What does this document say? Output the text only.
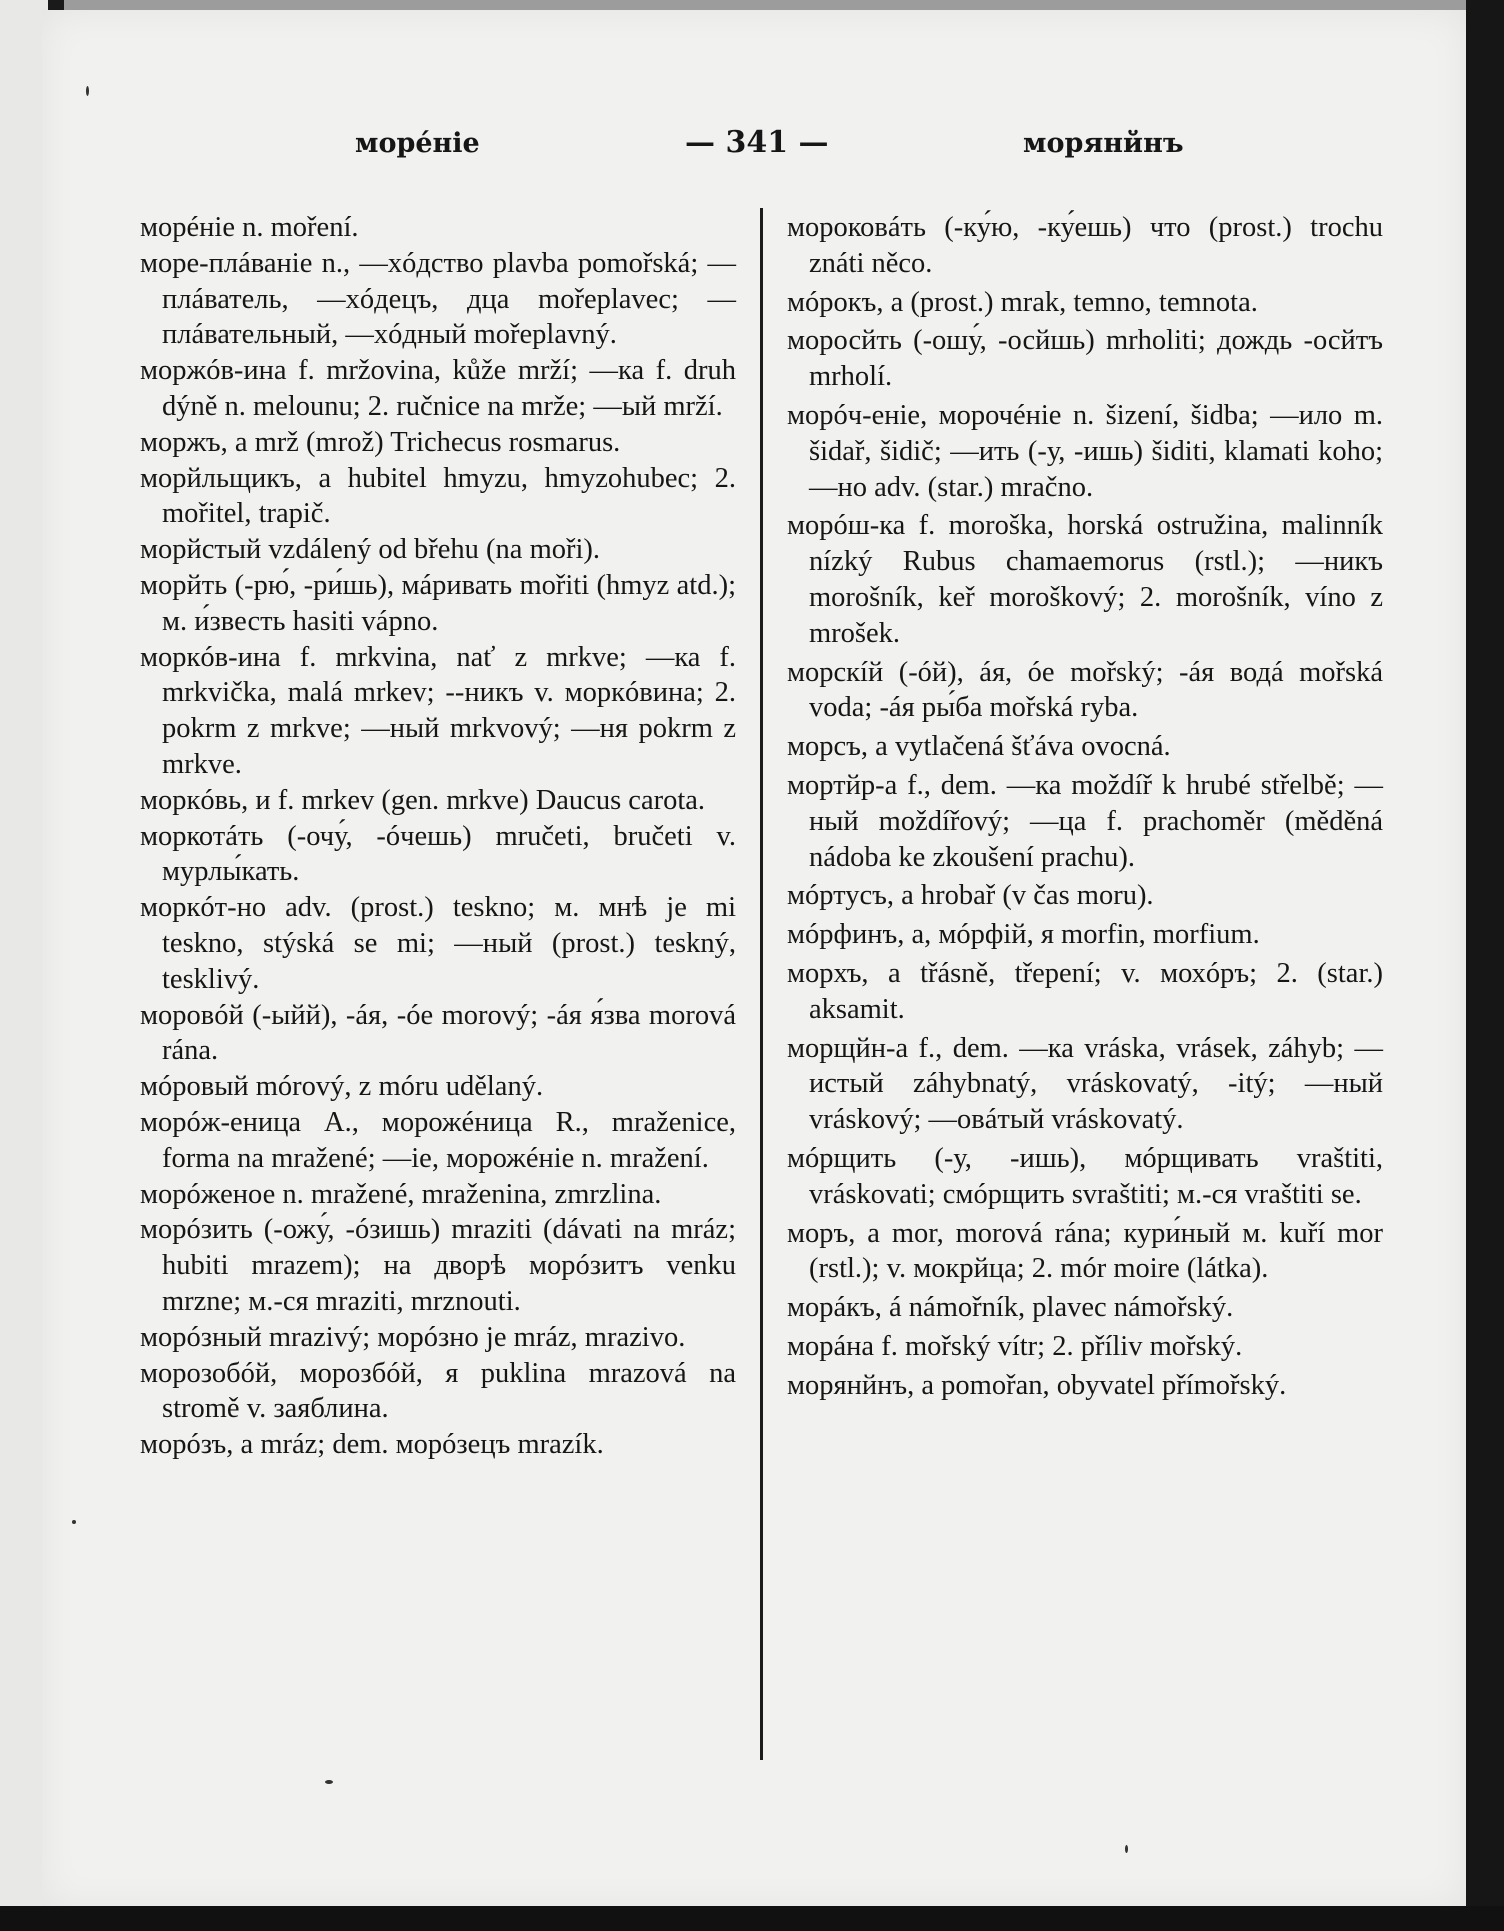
морéніе	— 341 —	морянйнъ

морéніе n. moření.

море-плáваніе n., —хóдство plavba pomořská; —плáватель, —хóдецъ, дца mořeplavec; —плáвательный, —хóдный mořeplavný.

моржóв-ина f. mržovina, kůže mrží; —ка f. druh dýně n. melounu; 2. ručnice na mrže; —ый mrží.

моржъ, а mrž (mrož) Trichecus rosmarus.

морйльщикъ, а hubitel hmyzu, hmyzohubec; 2. mořitel, trapič.

морйстый vzdálený od břehu (na moři).

морйть (-рю́, -ри́шь), мáривать mořiti (hmyz atd.); м. и́звесть hasiti vápno.

моркóв-ина f. mrkvina, nať z mrkve; —ка f. mrkvička, malá mrkev; --никъ v. моркóвина; 2. pokrm z mrkve; —ный mrkvový; —ня pokrm z mrkve.

моркóвь, и f. mrkev (gen. mrkve) Daucus carota.

моркотáть (-очу́, -óчешь) mručeti, bručeti v. мурлы́кать.

моркóт-но adv. (prost.) teskno; м. мнѣ je mi teskno, stýská se mi; —ный (prost.) teskný, tesklivý.

моровóй (-ыйй), -áя, -óе morový; -áя я́зва morová rána.

мóровый mórový, z móru udělaný.

морóж-еница А., морожéница R., mraženice, forma na mražené; —іе, морожéніе n. mražení.

морóженое n. mražené, mraženina, zmrzlina.

морóзить (-ожу́, -óзишь) mraziti (dávati na mráz; hubiti mrazem); на дворѣ морóзитъ venku mrzne; м.-ся mraziti, mrznouti.

морóзный mrazivý; морóзно je mráz, mrazivo.

морозобóй, морозбóй, я puklina mrazová na stromě v. заяблина.

морóзъ, а mráz; dem. морóзецъ mrazík.

мороковáть (-ку́ю, -ку́ешь) что (prost.) trochu znáti něco.

мóрокъ, а (prost.) mrak, temno, temnota.

моросйть (-ошу́, -осйшь) mrholiti; дождь -осйтъ mrholí.

морóч-еніе, морочéніе n. šizení, šidba; —ило m. šidař, šidič; —ить (-у, -ишь) šiditi, klamati koho; —но adv. (star.) mračno.

морóш-ка f. moroška, horská ostružina, malinník nízký Rubus chamaemorus (rstl.); —никъ morošník, keř moroškový; 2. morošník, víno z mrošek.

морскíй (-óй), áя, óе mořský; -áя водá mořská voda; -áя ры́ба mořská ryba.

морсъ, а vytlačená šťáva ovocná.

мортйр-а f., dem. —ка moždíř k hrubé střelbě; —ный moždířový; —ца f. prachoměr (měděná nádoba ke zkoušení prachu).

мóртусъ, а hrobař (v čas moru).

мóрфинъ, а, мóрфій, я morfin, morfium.

морхъ, а třásně, třepení; v. мохóръ; 2. (star.) aksamit.

морщйн-а f., dem. —ка vráska, vrásek, záhyb; —истый záhybnatý, vráskovatý, -itý; —ный vráskový; —овáтый vráskovatý.

мóрщить (-у, -ишь), мóрщивать vraštiti, vráskovati; смóрщить svraštiti; м.-ся vraštiti se.

моръ, а mor, morová rána; кури́ный м. kuří mor (rstl.); v. мокрйца; 2. mór moire (látka).

морáкъ, á námořník, plavec námořský.

морáна f. mořský vítr; 2. příliv mořský.

морянйнъ, а pomořan, obyvatel přímořský.
